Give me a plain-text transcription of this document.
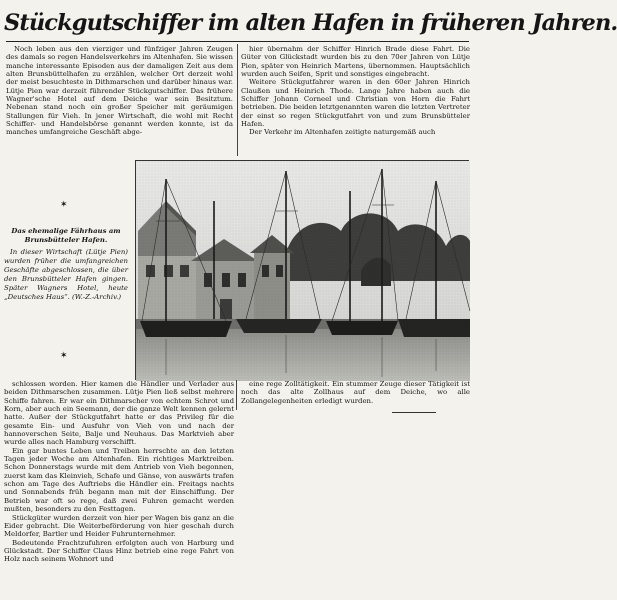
Stückgutschiffer im alten Hafen in früheren Jahren.

Noch leben aus den vierziger und fünfziger Jahren Zeugen des damals so regen Handelsverkehrs im Altenhafen. Sie wissen manche interessante Episoden aus der damaligen Zeit aus dem alten Brunsbüttelhafen zu erzählen, welcher Ort derzeit wohl der meist besuchteste in Dithmarschen und darüber hinaus war. Lütje Pien war derzeit führender Stückgutschiffer. Das frühere Wagner'sche Hotel auf dem Deiche war sein Besitztum. Nebenan stand noch ein großer Speicher mit geräumigen Stallungen für Vieh. In jener Wirtschaft, die wohl mit Recht Schiffer- und Handelsbörse genannt werden konnte, ist da manches umfangreiche Geschäft abge-

hier übernahm der Schiffer Hinrich Brade diese Fahrt. Die Güter von Glückstadt wurden bis zu den 70er Jahren von Lütje Pien, später von Heinrich Martens, übernommen. Hauptsächlich wurden auch Seifen, Sprit und sonstiges eingebracht.

Weitere Stückgutfahrer waren in den 60er Jahren Hinrich Claußen und Heinrich Thode. Lange Jahre haben auch die Schiffer Johann Corneel und Christian von Horn die Fahrt betrieben. Die beiden letztgenannten waren die letzten Vertreter der einst so regen Stückgutfahrt von und zum Brunsbütteler Hafen.

Der Verkehr im Altenhafen zeitigte naturgemäß auch

✶
✶
Das ehemalige Fährhaus am Brunsbütteler Hafen.
In dieser Wirtschaft (Lütje Pien) wurden früher die umfangreichen Geschäfte abgeschlossen, die über den Brunsbütteler Hafen gingen. Später Wagners Hotel, heute „Deutsches Haus“. (W.-Z.-Archiv.)

schlossen worden. Hier kamen die Händler und Verlader aus beiden Dithmarschen zusammen. Lütje Pien ließ selbst mehrere Schiffe fahren. Er war ein Dithmarscher von echtem Schrot und Korn, aber auch ein Seemann, der die ganze Welt kennen gelernt hatte. Außer der Stückgutfahrt hatte er das Privileg für die gesamte Ein- und Ausfuhr von Vieh von und nach der hannoverschen Seite, Balje und Neuhaus. Das Marktvieh aber wurde alles nach Hamburg verschifft.

Ein gar buntes Leben und Treiben herrschte an den letzten Tagen jeder Woche am Altenhafen. Ein richtiges Marktreiben. Schon Donnerstags wurde mit dem Antrieb von Vieh begonnen, zuerst kam das Kleinvieh, Schafe und Gänse, von auswärts trafen schon am Tage des Auftriebs die Händler ein. Freitags nachts und Sonnabends früh begann man mit der Einschiffung. Der Betrieb war oft so rege, daß zwei Fuhren gemacht werden mußten, besonders zu den Festtagen.

Stückgüter wurden derzeit von hier per Wagen bis ganz an die Eider gebracht. Die Weiterbeförderung von hier geschah durch Meldorfer, Bartler und Heider Fuhrunternehmer.

Bedeutende Frachtzufuhren erfolgten auch von Harburg und Glückstadt. Der Schiffer Claus Hinz betrieb eine rege Fahrt von Holz nach seinem Wohnort und

eine rege Zolltätigkeit. Ein stummer Zeuge dieser Tätigkeit ist noch das alte Zollhaus auf dem Deiche, wo alle Zollangelegenheiten erledigt wurden.
